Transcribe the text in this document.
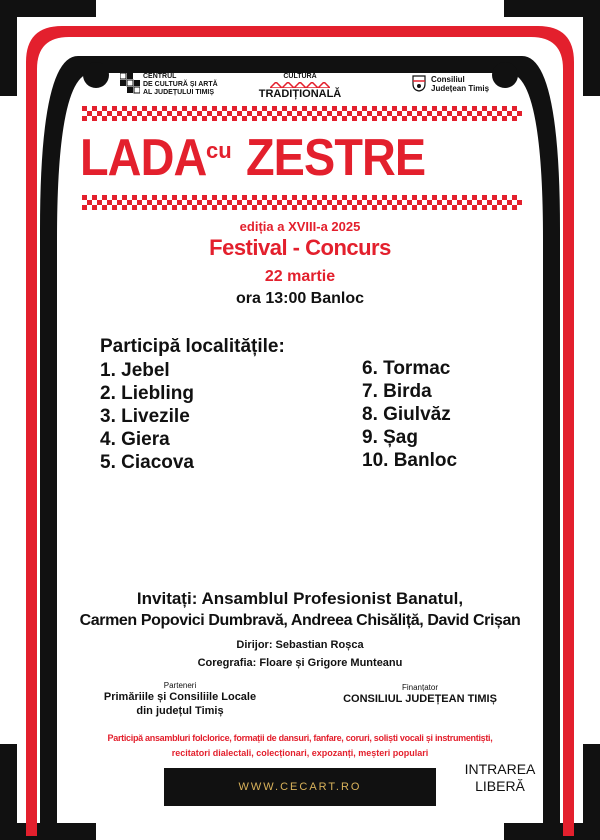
CENTRUL
DE CULTURĂ ȘI ARTĂ
AL JUDEȚULUI TIMIȘ
CULTURĂ
TRADIȚIONALĂ
Consiliul
Județean Timiș
LADA cu ZESTRE
ediția a XVIII-a 2025
Festival - Concurs
22 martie
ora 13:00 Banloc
Participă localitățile:
1. Jebel
2. Liebling
3. Livezile
4. Giera
5. Ciacova
6. Tormac
7. Birda
8. Giulvăz
9. Șag
10. Banloc
Invitați: Ansamblul Profesionist Banatul,
Carmen Popovici Dumbravă, Andreea Chisăliță, David Crișan
Dirijor: Sebastian Roșca
Coregrafia: Floare și Grigore Munteanu
Parteneri
Primăriile și Consiliile Locale
din județul Timiș
Finanțator
CONSILIUL JUDEȚEAN TIMIȘ
Participă ansambluri folclorice, formații de dansuri, fanfare, coruri, soliști vocali și instrumentiști,
recitatori dialectali, colecționari, expozanți, meșteri populari
WWW.CECART.RO
INTRAREA
LIBERĂ
